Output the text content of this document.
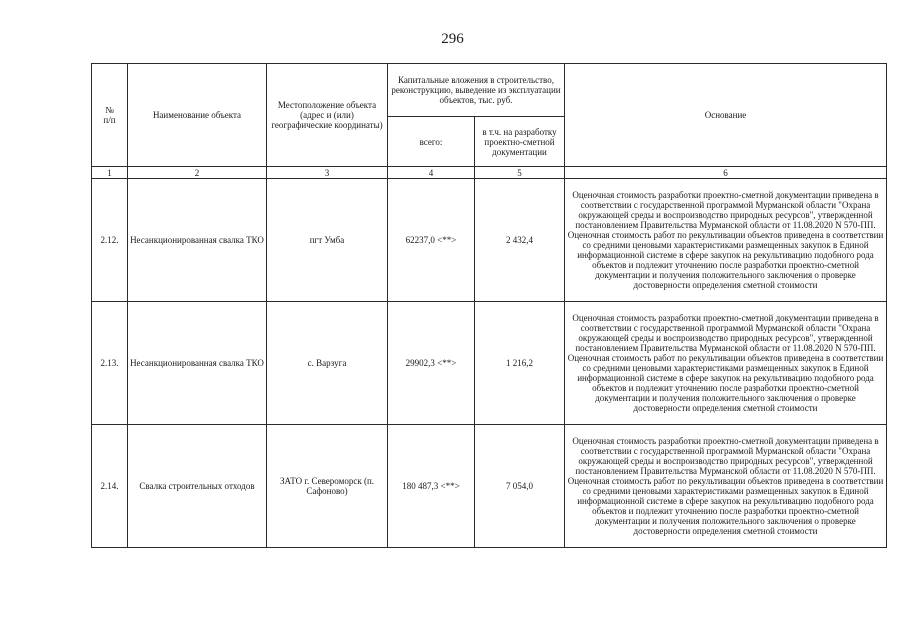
296
№
п/п	Наименование объекта	Местоположение объекта (адрес и (или) географические координаты)	Капитальные вложения в строительство, реконструкцию, выведение из эксплуатации объектов, тыс. руб.		Основание
			всего:	в т.ч. на разработку проектно-сметной документации	
1	2	3	4	5	6
2.12.	Несанкционированная свалка ТКО	пгт Умба	62237,0 <**>	2 432,4	Оценочная стоимость разработки проектно-сметной документации приведена в соответствии с государственной программой Мурманской области "Охрана окружающей среды и воспроизводство природных ресурсов", утвержденной постановлением Правительства Мурманской области от 11.08.2020 N 570-ПП. Оценочная стоимость работ по рекультивации объектов приведена в соответствии со средними ценовыми характеристиками размещенных закупок в Единой информационной системе в сфере закупок на рекультивацию подобного рода объектов и подлежит уточнению после разработки проектно-сметной документации и получения положительного заключения о проверке достоверности определения сметной стоимости
2.13.	Несанкционированная свалка ТКО	с. Варзуга	29902,3 <**>	1 216,2	Оценочная стоимость разработки проектно-сметной документации приведена в соответствии с государственной программой Мурманской области "Охрана окружающей среды и воспроизводство природных ресурсов", утвержденной постановлением Правительства Мурманской области от 11.08.2020 N 570-ПП. Оценочная стоимость работ по рекультивации объектов приведена в соответствии со средними ценовыми характеристиками размещенных закупок в Единой информационной системе в сфере закупок на рекультивацию подобного рода объектов и подлежит уточнению после разработки проектно-сметной документации и получения положительного заключения о проверке достоверности определения сметной стоимости
2.14.	Свалка строительных отходов	ЗАТО г. Североморск (п. Сафоново)	180 487,3 <**>	7 054,0	Оценочная стоимость разработки проектно-сметной документации приведена в соответствии с государственной программой Мурманской области "Охрана окружающей среды и воспроизводство природных ресурсов", утвержденной постановлением Правительства Мурманской области от 11.08.2020 N 570-ПП. Оценочная стоимость работ по рекультивации объектов приведена в соответствии со средними ценовыми характеристиками размещенных закупок в Единой информационной системе в сфере закупок на рекультивацию подобного рода объектов и подлежит уточнению после разработки проектно-сметной документации и получения положительного заключения о проверке достоверности определения сметной стоимости
